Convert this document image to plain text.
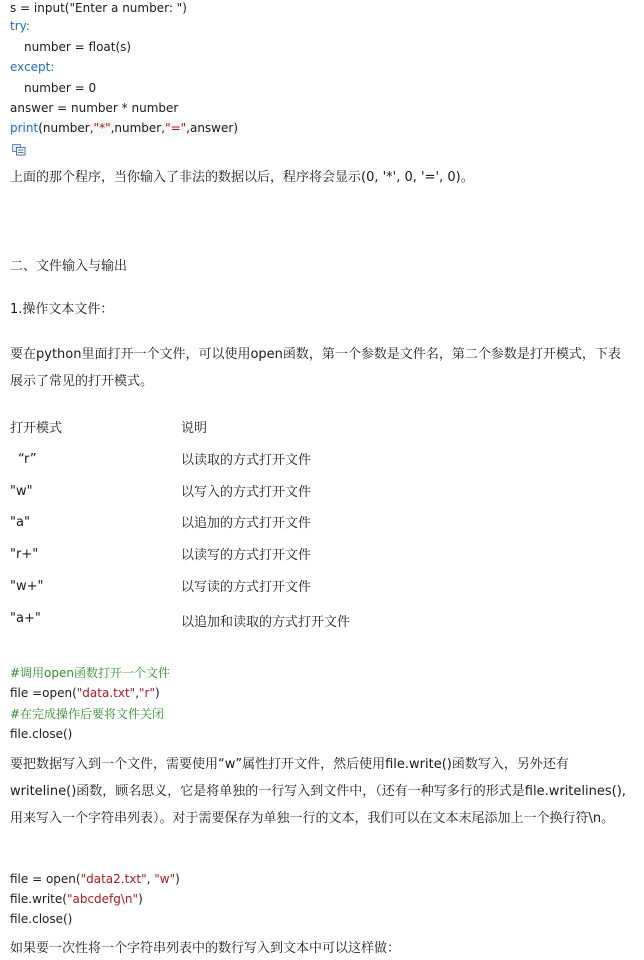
s = input("Enter a number: ")
try:
number = float(s)
except:
number = 0
answer = number * number
print(number,"*",number,"=",answer)
上面的那个程序，当你输入了非法的数据以后，程序将会显示(0, '*', 0, '=', 0)。
二、文件输入与输出
1.操作文本文件：
要在python里面打开一个文件，可以使用open函数，第一个参数是文件名，第二个参数是打开模式，下表展示了常见的打开模式。
打开模式	说明
“r”	以读取的方式打开文件
"w"	以写入的方式打开文件
"a"	以追加的方式打开文件
"r+"	以读写的方式打开文件
"w+"	以写读的方式打开文件
"a+"	以追加和读取的方式打开文件
#调用open函数打开一个文件
file =open("data.txt","r")
#在完成操作后要将文件关闭
file.close()
要把数据写入到一个文件，需要使用“w”属性打开文件，然后使用file.write()函数写入，另外还有writeline()函数，顾名思义，它是将单独的一行写入到文件中，（还有一种写多行的形式是file.writelines(),用来写入一个字符串列表）。对于需要保存为单独一行的文本，我们可以在文本末尾添加上一个换行符\n。
file = open("data2.txt", "w")
file.write("abcdefg\n")
file.close()
如果要一次性将一个字符串列表中的数行写入到文本中可以这样做：
